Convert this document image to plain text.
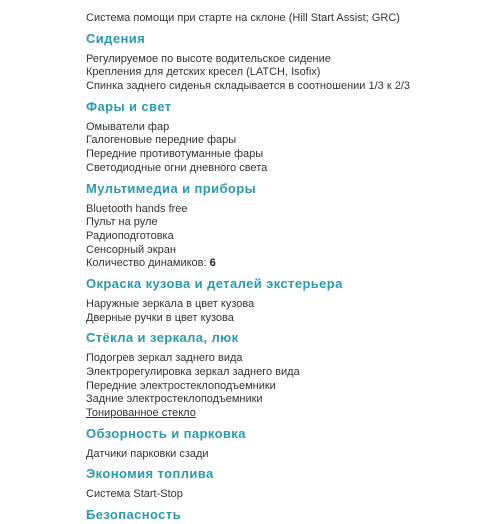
Система помощи при старте на склоне (Hill Start Assist; GRC)
Сидения
Регулируемое по высоте водительское сидение
Крепления для детских кресел (LATCH, Isofix)
Спинка заднего сиденья складывается в соотношении 1/3 к 2/3
Фары и свет
Омыватели фар
Галогеновые передние фары
Передние противотуманные фары
Светодиодные огни дневного света
Мультимедиа и приборы
Bluetooth hands free
Пульт на руле
Радиоподготовка
Сенсорный экран
Количество динамиков: 6
Окраска кузова и деталей экстерьера
Наружные зеркала в цвет кузова
Дверные ручки в цвет кузова
Стёкла и зеркала, люк
Подогрев зеркал заднего вида
Электрорегулировка зеркал заднего вида
Передние электростеклоподъемники
Задние электростеклоподъемники
Тонированное стекло
Обзорность и парковка
Датчики парковки сзади
Экономия топлива
Система Start-Stop
Безопасность
